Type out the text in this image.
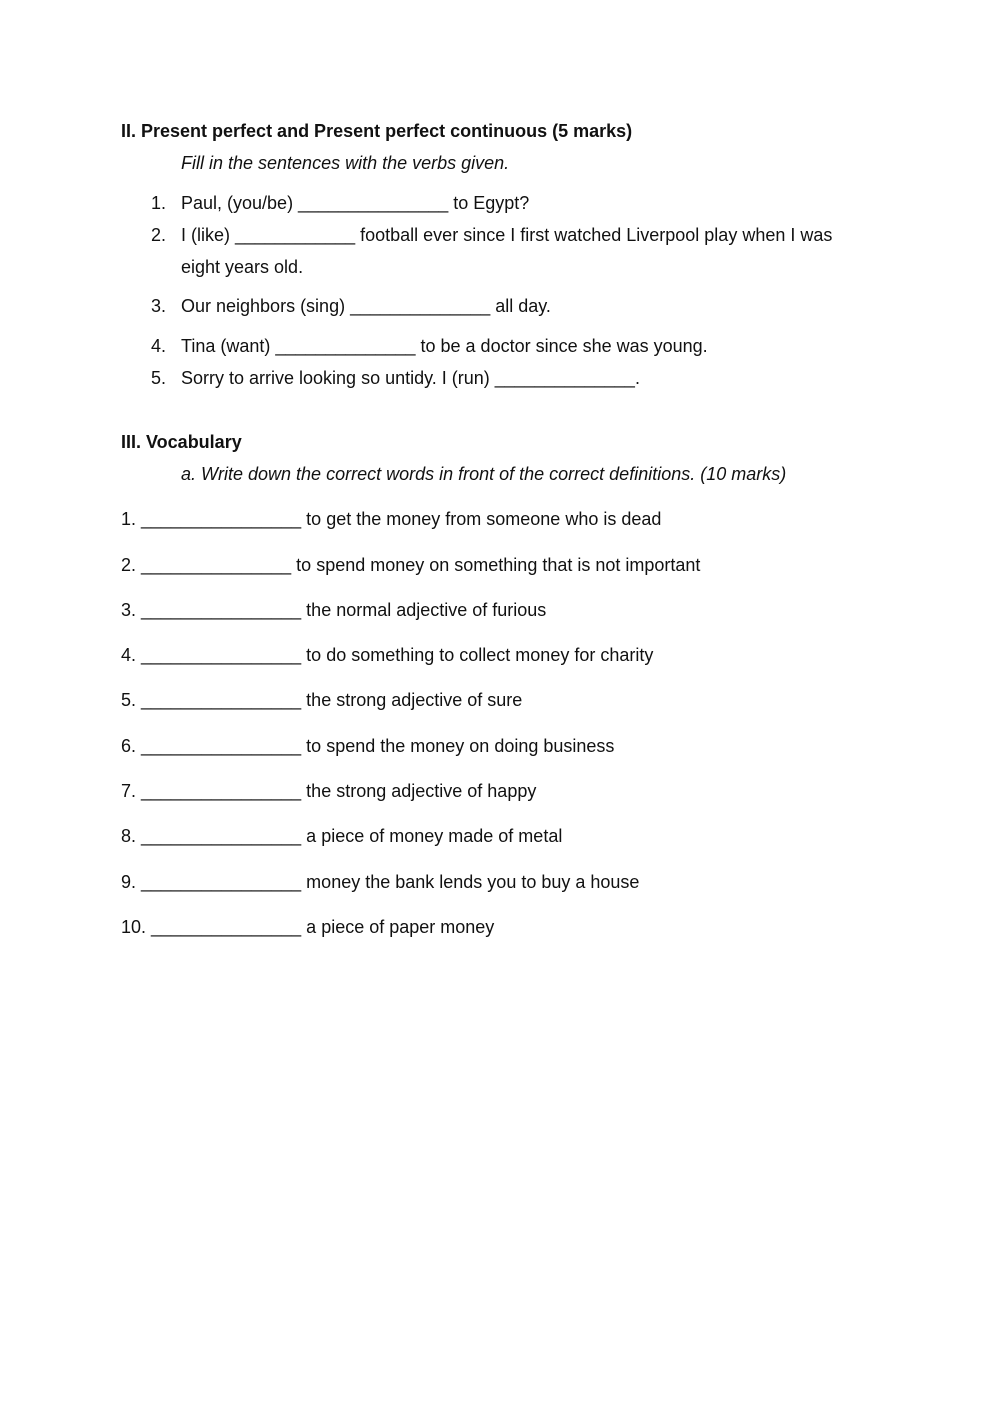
II. Present perfect and Present perfect continuous (5 marks)
Fill in the sentences with the verbs given.
1. Paul, (you/be) _______________ to Egypt?
2. I (like) ____________ football ever since I first watched Liverpool play when I was
eight years old.
3. Our neighbors (sing) ______________ all day.
4. Tina (want) ______________ to be a doctor since she was young.
5. Sorry to arrive looking so untidy. I (run) ______________.
III. Vocabulary
a. Write down the correct words in front of the correct definitions. (10 marks)
1. ________________ to get the money from someone who is dead
2. _______________ to spend money on something that is not important
3. ________________ the normal adjective of furious
4. ________________ to do something to collect money for charity
5. ________________ the strong adjective of sure
6. ________________ to spend the money on doing business
7. ________________ the strong adjective of happy
8. ________________ a piece of money made of metal
9. ________________ money the bank lends you to buy a house
10. _______________ a piece of paper money
